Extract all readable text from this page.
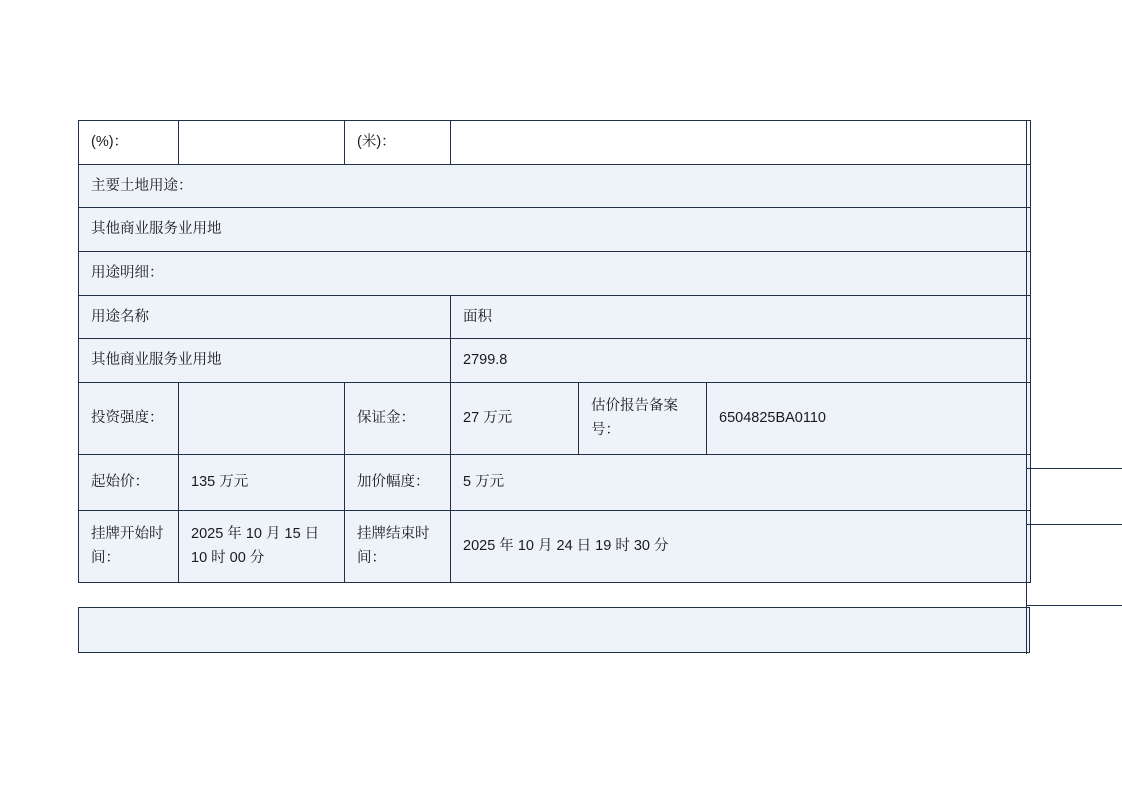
(%)：		(米)：			
主要土地用途：					
其他商业服务业用地					
用途明细：					
用途名称			面积		
其他商业服务业用地			2799.8		
投资强度：		保证金：	27 万元	估价报告备案号：	6504825BA0110
起始价：	135 万元	加价幅度：	5 万元		
挂牌开始时间：	2025 年 10 月 15 日 10 时 00 分	挂牌结束时间：	2025 年 10 月 24 日 19 时 30 分		
